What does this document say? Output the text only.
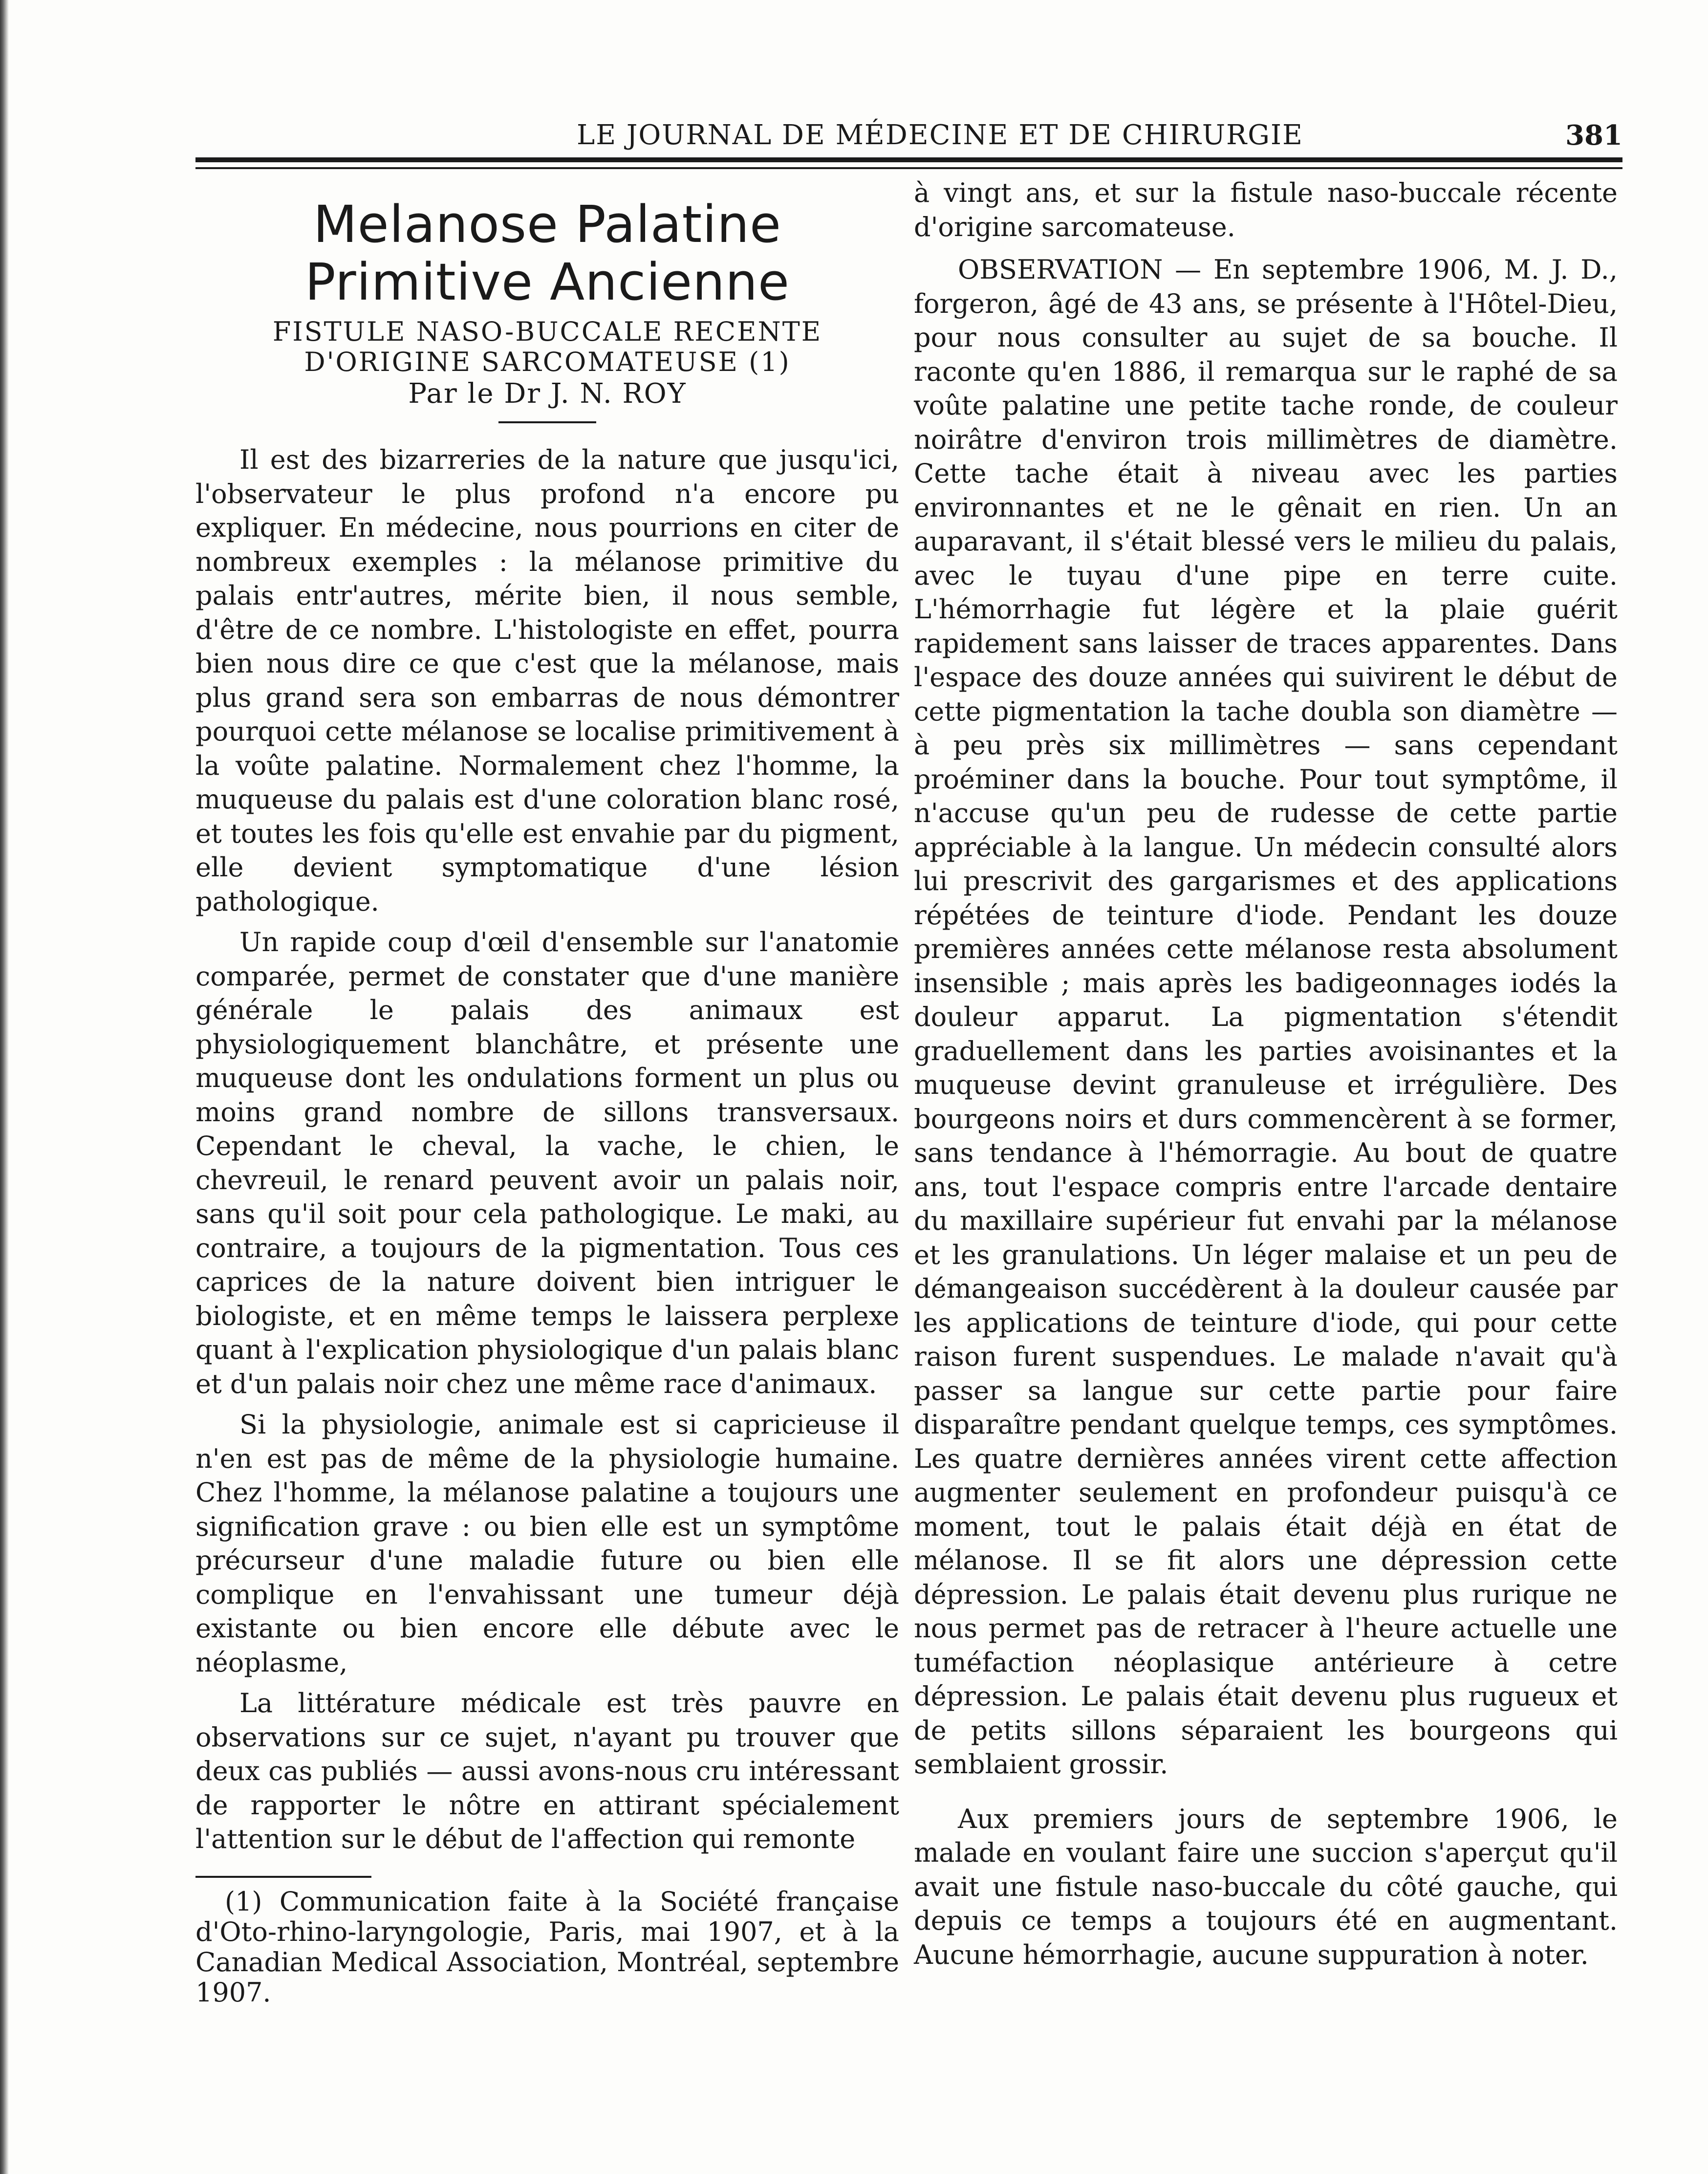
LE JOURNAL DE MÉDECINE ET DE CHIRURGIE	381
Melanose Palatine Primitive Ancienne

FISTULE NASO-BUCCALE RECENTE

D'ORIGINE SARCOMATEUSE (1)

Par le Dr J. N. ROY

Il est des bizarreries de la nature que jusqu'ici, l'observateur le plus profond n'a encore pu expliquer. En médecine, nous pourrions en citer de nombreux exemples : la mélanose primitive du palais entr'autres, mérite bien, il nous semble, d'être de ce nombre. L'histologiste en effet, pourra bien nous dire ce que c'est que la mélanose, mais plus grand sera son embarras de nous démontrer pourquoi cette mélanose se localise primitivement à la voûte palatine. Normalement chez l'homme, la muqueuse du palais est d'une coloration blanc rosé, et toutes les fois qu'elle est envahie par du pigment, elle devient symptomatique d'une lésion pathologique.

Un rapide coup d'œil d'ensemble sur l'anatomie comparée, permet de constater que d'une manière générale le palais des animaux est physiologiquement blanchâtre, et présente une muqueuse dont les ondulations forment un plus ou moins grand nombre de sillons transversaux. Cependant le cheval, la vache, le chien, le chevreuil, le renard peuvent avoir un palais noir, sans qu'il soit pour cela pathologique. Le maki, au contraire, a toujours de la pigmentation. Tous ces caprices de la nature doivent bien intriguer le biologiste, et en même temps le laissera perplexe quant à l'explication physiologique d'un palais blanc et d'un palais noir chez une même race d'animaux.

Si la physiologie, animale est si capricieuse il n'en est pas de même de la physiologie humaine. Chez l'homme, la mélanose palatine a toujours une signification grave : ou bien elle est un symptôme précurseur d'une maladie future ou bien elle complique en l'envahissant une tumeur déjà existante ou bien encore elle débute avec le néoplasme,

La littérature médicale est très pauvre en observations sur ce sujet, n'ayant pu trouver que deux cas publiés — aussi avons-nous cru intéressant de rapporter le nôtre en attirant spécialement l'attention sur le début de l'affection qui remonte

(1) Communication faite à la Société française d'Oto-rhino-laryngologie, Paris, mai 1907, et à la Canadian Medical Association, Montréal, septembre 1907.

à vingt ans, et sur la fistule naso-buccale récente d'origine sarcomateuse.

OBSERVATION — En septembre 1906, M. J. D., forgeron, âgé de 43 ans, se présente à l'Hôtel-Dieu, pour nous consulter au sujet de sa bouche. Il raconte qu'en 1886, il remarqua sur le raphé de sa voûte palatine une petite tache ronde, de couleur noirâtre d'environ trois millimètres de diamètre. Cette tache était à niveau avec les parties environnantes et ne le gênait en rien. Un an auparavant, il s'était blessé vers le milieu du palais, avec le tuyau d'une pipe en terre cuite. L'hémorrhagie fut légère et la plaie guérit rapidement sans laisser de traces apparentes. Dans l'espace des douze années qui suivirent le début de cette pigmentation la tache doubla son diamètre — à peu près six millimètres — sans cependant proéminer dans la bouche. Pour tout symptôme, il n'accuse qu'un peu de rudesse de cette partie appréciable à la langue. Un médecin consulté alors lui prescrivit des gargarismes et des applications répétées de teinture d'iode. Pendant les douze premières années cette mélanose resta absolument insensible ; mais après les badigeonnages iodés la douleur apparut. La pigmentation s'étendit graduellement dans les parties avoisinantes et la muqueuse devint granuleuse et irrégulière. Des bourgeons noirs et durs commencèrent à se former, sans tendance à l'hémorragie. Au bout de quatre ans, tout l'espace compris entre l'arcade dentaire du maxillaire supérieur fut envahi par la mélanose et les granulations. Un léger malaise et un peu de démangeaison succédèrent à la douleur causée par les applications de teinture d'iode, qui pour cette raison furent suspendues. Le malade n'avait qu'à passer sa langue sur cette partie pour faire disparaître pendant quelque temps, ces symptômes. Les quatre dernières années virent cette affection augmenter seulement en profondeur puisqu'à ce moment, tout le palais était déjà en état de mélanose. Il se fit alors une dépression cette dépression. Le palais était devenu plus rurique ne nous permet pas de retracer à l'heure actuelle une tuméfaction néoplasique antérieure à cetre dépression. Le palais était devenu plus rugueux et de petits sillons séparaient les bourgeons qui semblaient grossir.

Aux premiers jours de septembre 1906, le malade en voulant faire une succion s'aperçut qu'il avait une fistule naso-buccale du côté gauche, qui depuis ce temps a toujours été en augmentant. Aucune hémorrhagie, aucune suppuration à noter.
